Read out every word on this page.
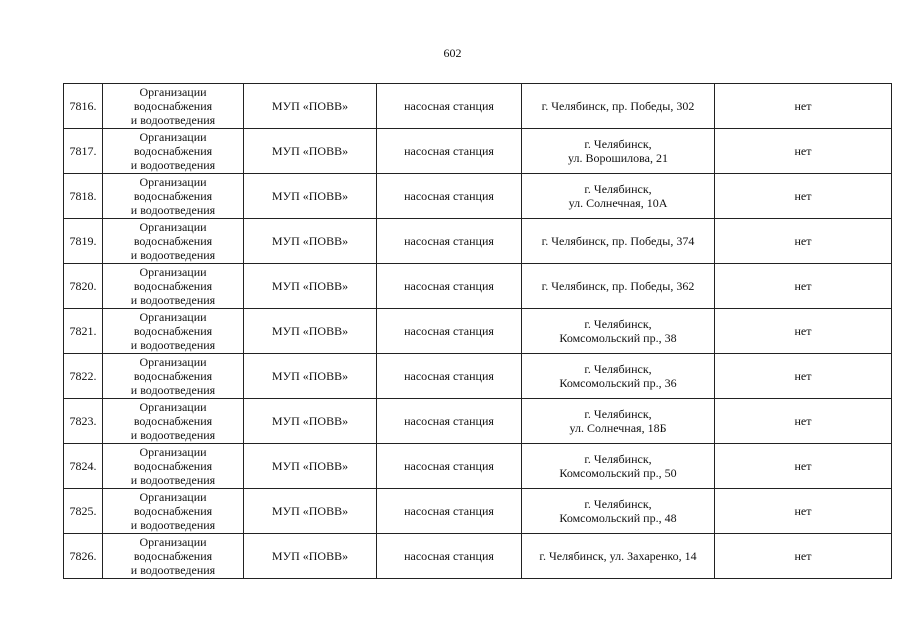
602
7816.	Организации
водоснабжения
и водоотведения	МУП «ПОВВ»	насосная станция	г. Челябинск, пр. Победы, 302	нет
7817.	Организации
водоснабжения
и водоотведения	МУП «ПОВВ»	насосная станция	г. Челябинск,
ул. Ворошилова, 21	нет
7818.	Организации
водоснабжения
и водоотведения	МУП «ПОВВ»	насосная станция	г. Челябинск,
ул. Солнечная, 10А	нет
7819.	Организации
водоснабжения
и водоотведения	МУП «ПОВВ»	насосная станция	г. Челябинск, пр. Победы, 374	нет
7820.	Организации
водоснабжения
и водоотведения	МУП «ПОВВ»	насосная станция	г. Челябинск, пр. Победы, 362	нет
7821.	Организации
водоснабжения
и водоотведения	МУП «ПОВВ»	насосная станция	г. Челябинск,
Комсомольский пр., 38	нет
7822.	Организации
водоснабжения
и водоотведения	МУП «ПОВВ»	насосная станция	г. Челябинск,
Комсомольский пр., 36	нет
7823.	Организации
водоснабжения
и водоотведения	МУП «ПОВВ»	насосная станция	г. Челябинск,
ул. Солнечная, 18Б	нет
7824.	Организации
водоснабжения
и водоотведения	МУП «ПОВВ»	насосная станция	г. Челябинск,
Комсомольский пр., 50	нет
7825.	Организации
водоснабжения
и водоотведения	МУП «ПОВВ»	насосная станция	г. Челябинск,
Комсомольский пр., 48	нет
7826.	Организации
водоснабжения
и водоотведения	МУП «ПОВВ»	насосная станция	г. Челябинск, ул. Захаренко, 14	нет
